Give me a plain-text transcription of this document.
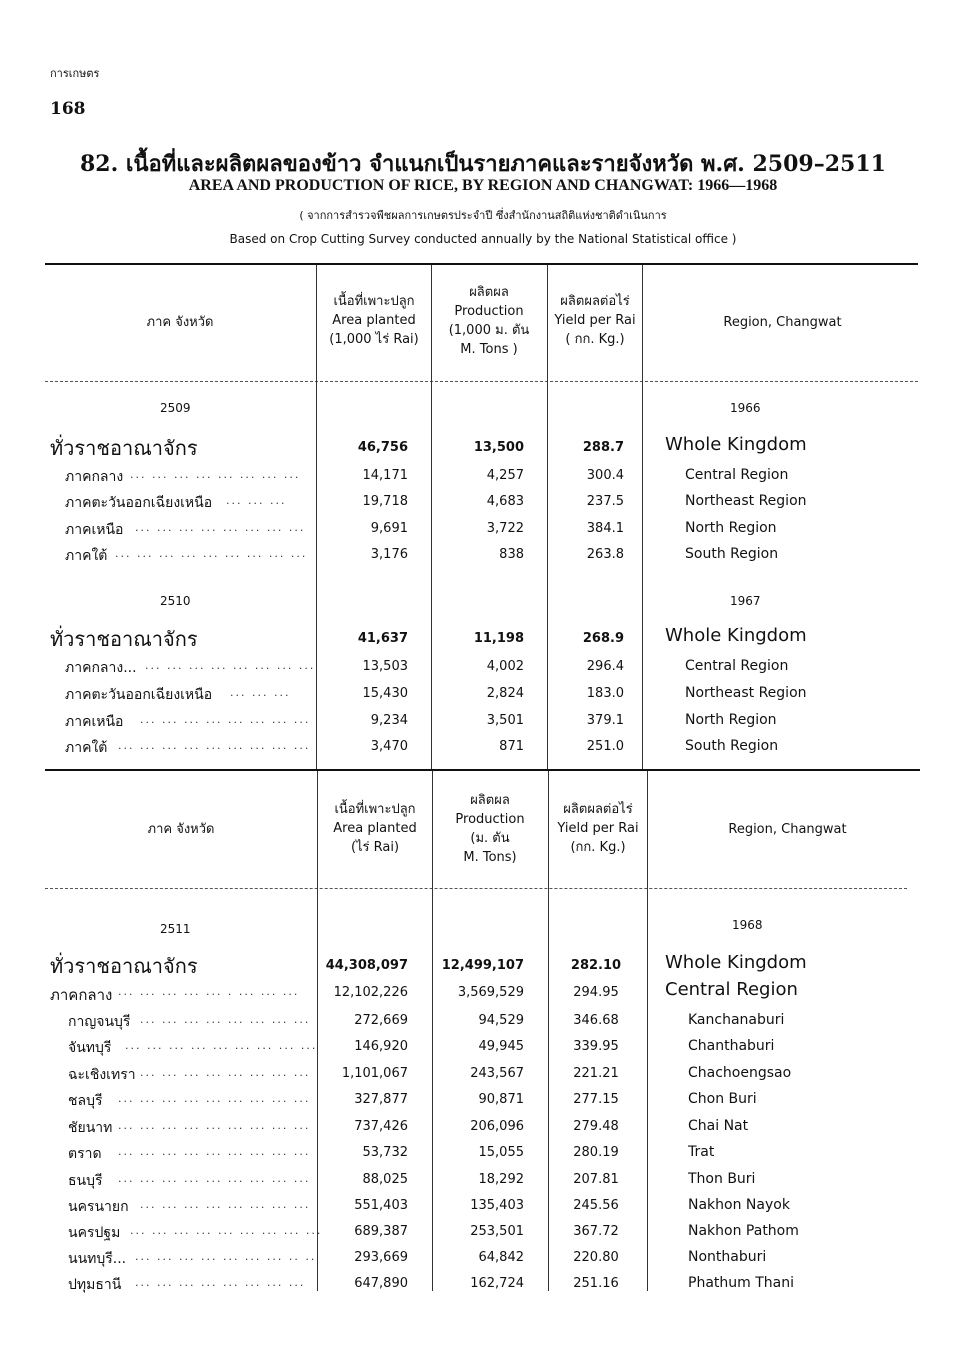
การเกษตร
168
82. เนื้อที่และผลิตผลของข้าว จำแนกเป็นรายภาคและรายจังหวัด พ.ศ. 2509–2511
AREA AND PRODUCTION OF RICE, BY REGION AND CHANGWAT: 1966—1968
( จากการสำรวจพืชผลการเกษตรประจำปี ซึ่งสำนักงานสถิติแห่งชาติดำเนินการ
Based on Crop Cutting Survey conducted annually by the National Statistical office )
ภาค จังหวัด
เนื้อที่เพาะปลูก
Area planted
(1,000 ไร่ Rai)
ผลิตผล
Production
(1,000 ม. ตัน
M. Tons )
ผลิตผลต่อไร่
Yield per Rai
( กก. Kg.)
Region, Changwat
2509	1966
ทั่วราชอาณาจักร	46,756	13,500	288.7 Whole Kingdom
ภาคกลาง ... ... ... ... ... ... ... ...	14,171	4,257	300.4	Central Region
ภาคตะวันออกเฉียงเหนือ ... ... ...	19,718	4,683	237.5	Northeast Region
ภาคเหนือ ... ... ... ... ... ... ... ...	9,691	3,722	384.1	North Region
ภาคใต้ ... ... ... ... ... ... ... ... ...	3,176	838	263.8	South Region
2510	1967
ทั่วราชอาณาจักร	41,637	11,198	268.9 Whole Kingdom
ภาคกลาง... ... ... ... ... ... ... ... ...	13,503	4,002	296.4	Central Region
ภาคตะวันออกเฉียงเหนือ ... ... ...	15,430	2,824	183.0	Northeast Region
ภาคเหนือ ... ... ... ... ... ... ... ...	9,234	3,501	379.1	North Region
ภาคใต้ ... ... ... ... ... ... ... ... ...	3,470	871	251.0	South Region
ภาค จังหวัด
เนื้อที่เพาะปลูก
Area planted
(ไร่ Rai)
ผลิตผล
Production
(ม. ตัน
M. Tons)
ผลิตผลต่อไร่
Yield per Rai
(กก. Kg.)
Region, Changwat
2511	1968
ทั่วราชอาณาจักร	44,308,097	12,499,107	282.10	Whole Kingdom
ภาคกลาง ... ... ... ... ... . ... ... ...	12,102,226	3,569,529	294.95	Central Region
กาญจนบุรี ... ... ... ... ... ... ... ...	272,669	94,529	346.68	Kanchanaburi
จันทบุรี ... ... ... ... ... ... ... ... ...	146,920	49,945	339.95	Chanthaburi
ฉะเชิงเทรา ... ... ... ... ... ... ... ...	1,101,067	243,567	221.21	Chachoengsao
ชลบุรี ... ... ... ... ... ... ... ... ...	327,877	90,871	277.15	Chon Buri
ชัยนาท ... ... ... ... ... ... ... ... ...	737,426	206,096	279.48	Chai Nat
ตราด ... ... ... ... ... ... ... ... ...	53,732	15,055	280.19	Trat
ธนบุรี ... ... ... ... ... ... ... ... ...	88,025	18,292	207.81	Thon Buri
นครนายก ... ... ... ... ... ... ... ...	551,403	135,403	245.56	Nakhon Nayok
นครปฐม ... ... ... ... ... ... ... ... ...	689,387	253,501	367.72	Nakhon Pathom
นนทบุรี... ... ... ... ... ... ... ... .. ..	293,669	64,842	220.80	Nonthaburi
ปทุมธานี ... ... ... ... ... ... ... ...	647,890	162,724	251.16	Phathum Thani
